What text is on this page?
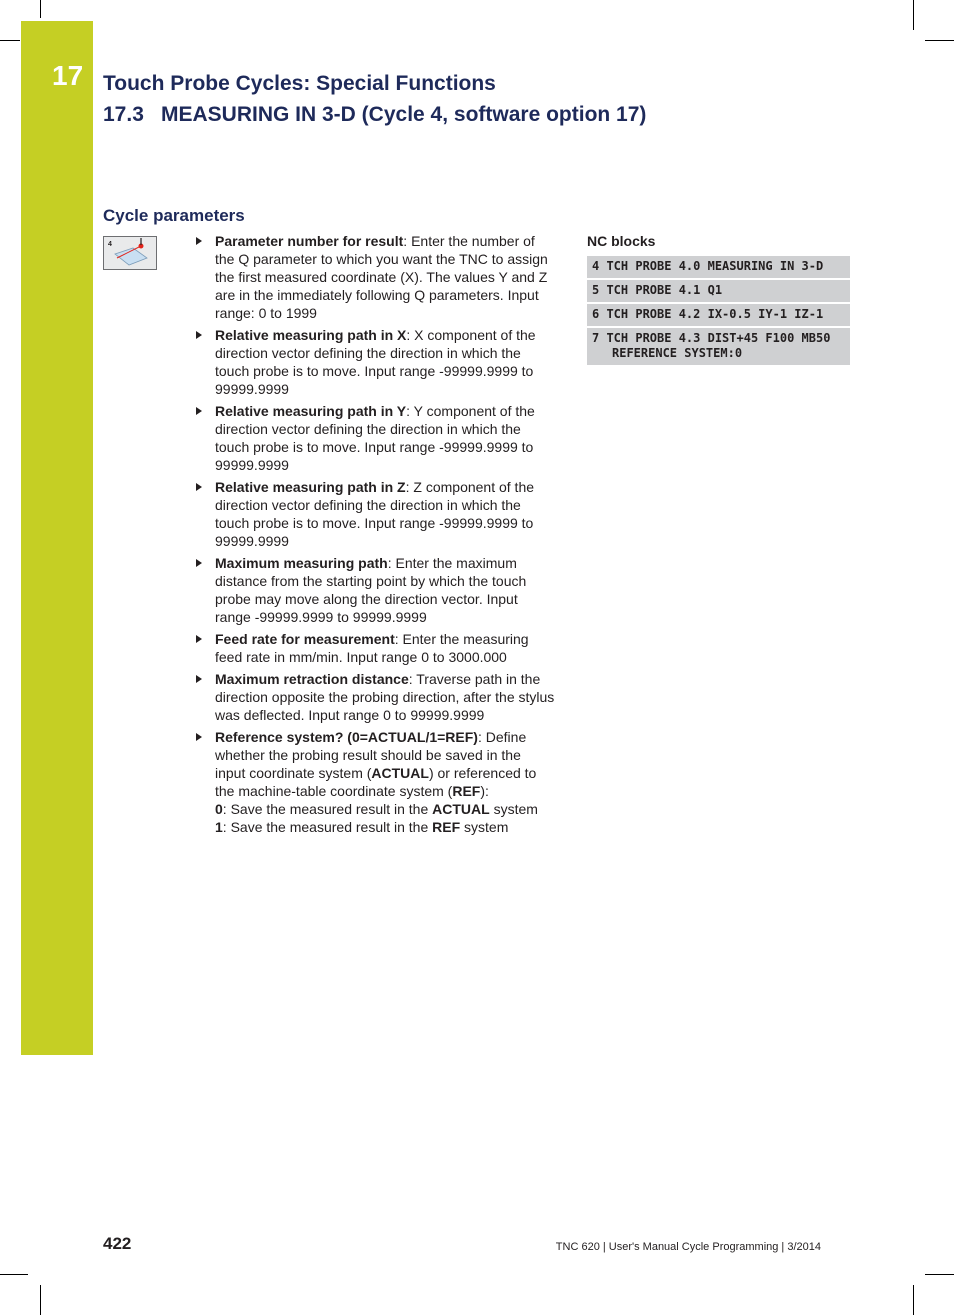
17 Touch Probe Cycles: Special Functions
17.3 MEASURING IN 3-D (Cycle 4, software option 17)
Cycle parameters
4	Parameter number for result: Enter the number of the Q parameter to which you want the TNC to assign the first measured coordinate (X). The values Y and Z are in the immediately following Q parameters. Input range: 0 to 1999
Relative measuring path in X: X component of the direction vector defining the direction in which the touch probe is to move. Input range -99999.9999 to 99999.9999
Relative measuring path in Y: Y component of the direction vector defining the direction in which the touch probe is to move. Input range -99999.9999 to 99999.9999
Relative measuring path in Z: Z component of the direction vector defining the direction in which the touch probe is to move. Input range -99999.9999 to 99999.9999
Maximum measuring path: Enter the maximum distance from the starting point by which the touch probe may move along the direction vector. Input range -99999.9999 to 99999.9999
Feed rate for measurement: Enter the measuring feed rate in mm/min. Input range 0 to 3000.000
Maximum retraction distance: Traverse path in the direction opposite the probing direction, after the stylus was deflected. Input range 0 to 99999.9999
Reference system? (0=ACTUAL/1=REF): Define whether the probing result should be saved in the input coordinate system (ACTUAL) or referenced to the machine-table coordinate system (REF):
0: Save the measured result in the ACTUAL system
1: Save the measured result in the REF system
NC blocks
4 TCH PROBE 4.0 MEASURING IN 3-D
5 TCH PROBE 4.1 Q1
6 TCH PROBE 4.2 IX-0.5 IY-1 IZ-1
7 TCH PROBE 4.3 DIST+45 F100 MB50
REFERENCE SYSTEM:0
422	TNC 620 | User's Manual Cycle Programming | 3/2014
